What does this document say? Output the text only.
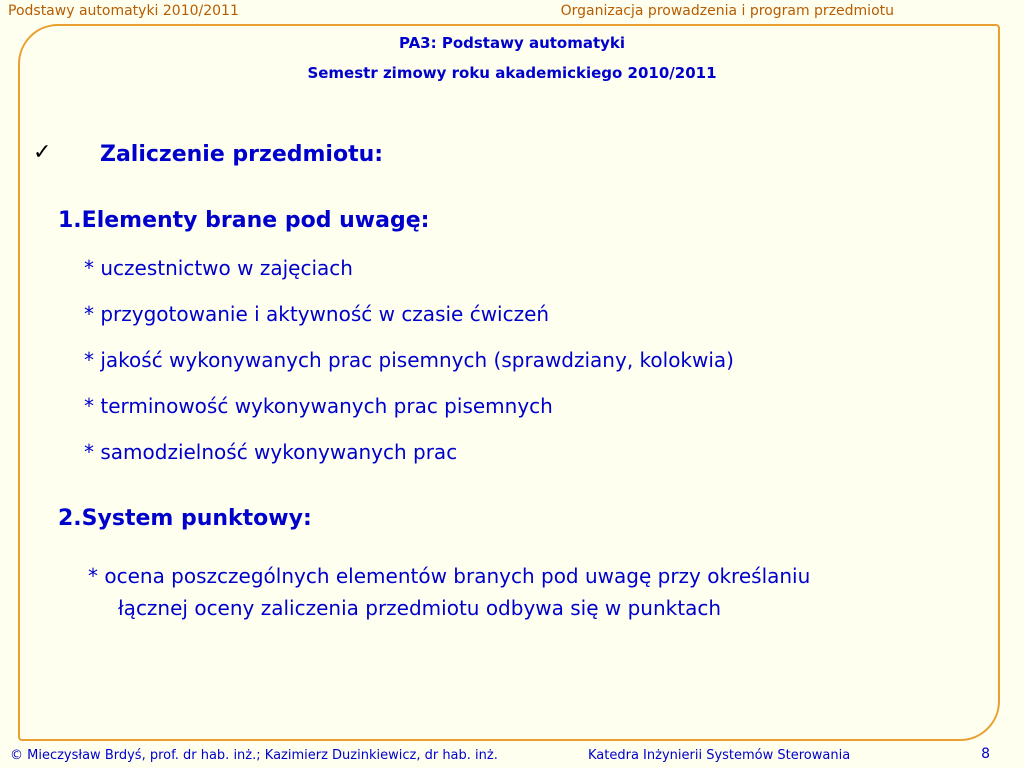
Podstawy automatyki 2010/2011	Organizacja prowadzenia i program przedmiotu
PA3: Podstawy automatyki
Semestr zimowy roku akademickiego 2010/2011
✓ Zaliczenie przedmiotu:
1.Elementy brane pod uwagę:
* uczestnictwo w zajęciach
* przygotowanie i aktywność w czasie ćwiczeń
* jakość wykonywanych prac pisemnych (sprawdziany, kolokwia)
* terminowość wykonywanych prac pisemnych
* samodzielność wykonywanych prac
2.System punktowy:
* ocena poszczególnych elementów branych pod uwagę przy określaniu
łącznej oceny zaliczenia przedmiotu odbywa się w punktach
© Mieczysław Brdyś, prof. dr hab. inż.; Kazimierz Duzinkiewicz, dr hab. inż.	Katedra Inżynierii Systemów Sterowania	8
